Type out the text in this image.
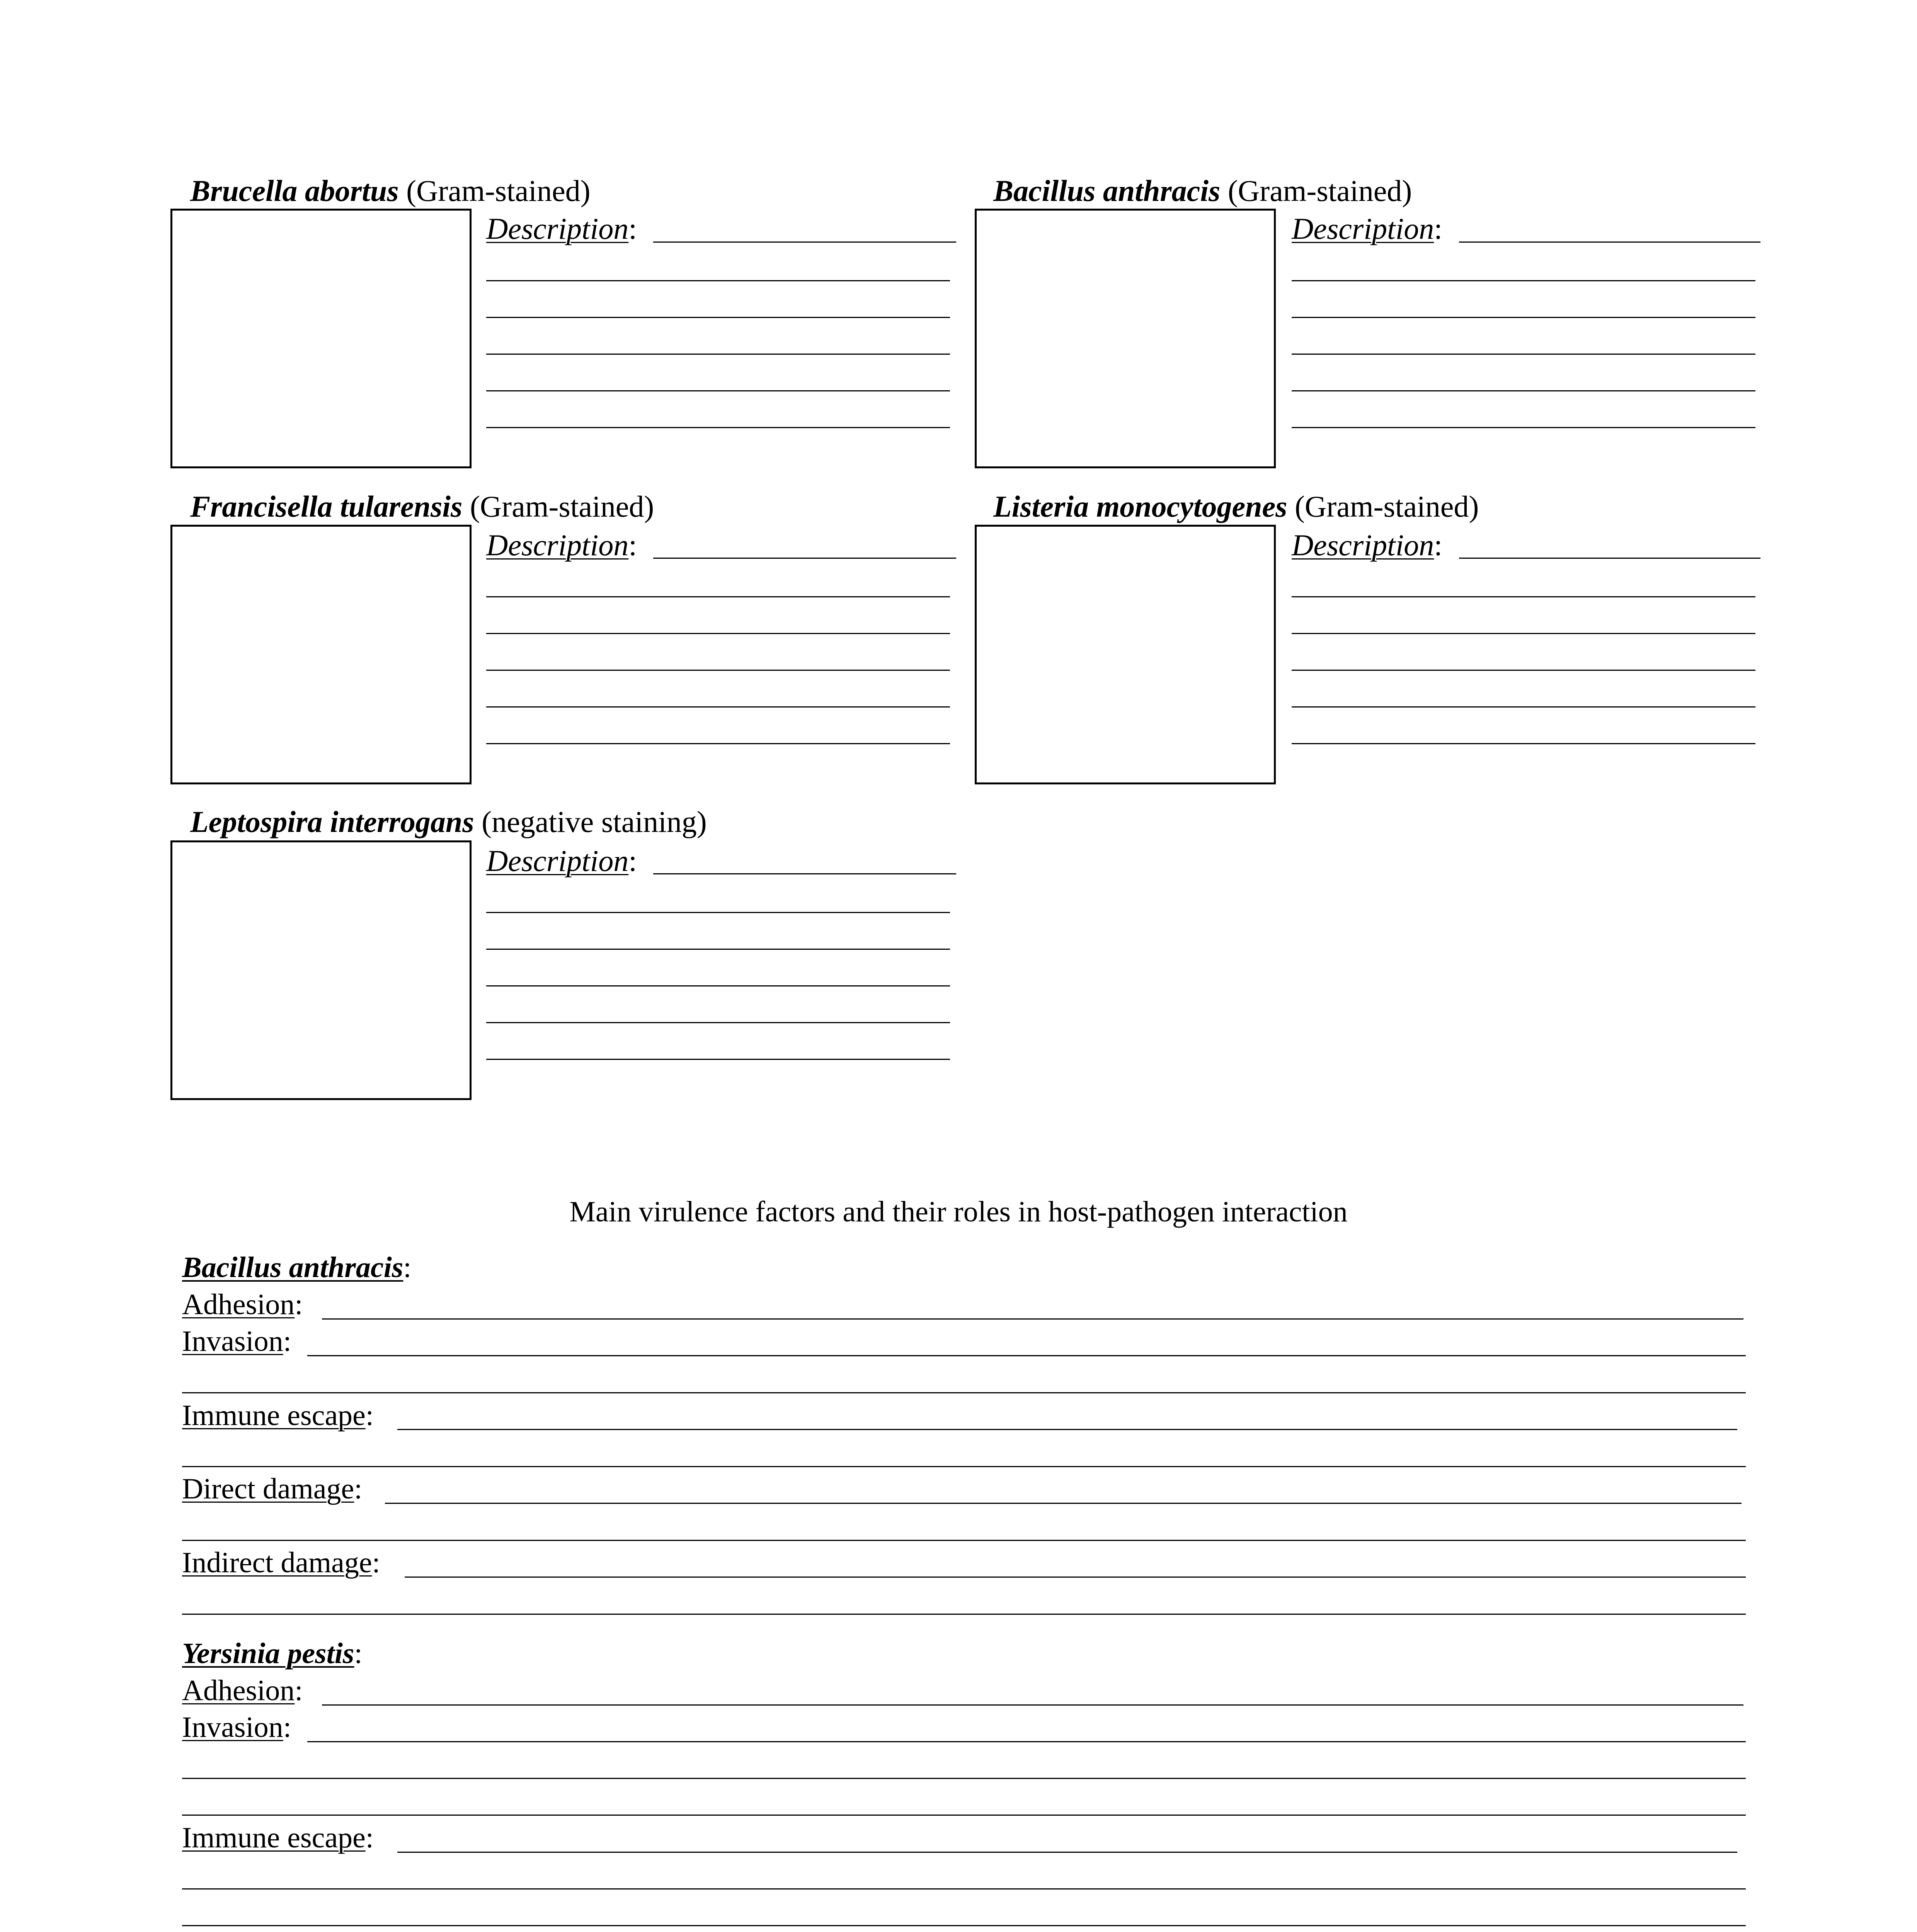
Brucella abortus (Gram-stained)
Description:
Bacillus anthracis (Gram-stained)
Description:
Francisella tularensis (Gram-stained)
Description:
Listeria monocytogenes (Gram-stained)
Description:
Leptospira interrogans (negative staining)
Description:
Main virulence factors and their roles in host-pathogen interaction
Bacillus anthracis:
Adhesion:
Invasion:
Immune escape:
Direct damage:
Indirect damage:
Yersinia pestis:
Adhesion:
Invasion:
Immune escape:
